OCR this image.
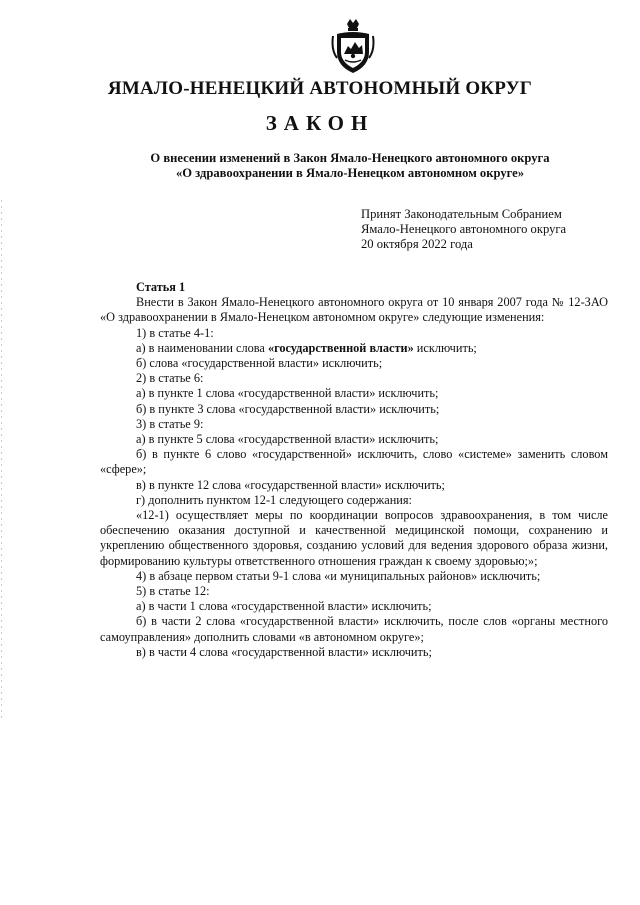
ЯМАЛО-НЕНЕЦКИЙ АВТОНОМНЫЙ ОКРУГ
ЗАКОН
О внесении изменений в Закон Ямало-Ненецкого автономного округа
«О здравоохранении в Ямало-Ненецком автономном округе»
Принят Законодательным Собранием
Ямало-Ненецкого автономного округа
20 октября 2022 года

Статья 1

Внести в Закон Ямало-Ненецкого автономного округа от 10 января 2007 года № 12-ЗАО «О здравоохранении в Ямало-Ненецком автономном округе» следующие изменения:

1) в статье 4-1:

а) в наименовании слова «государственной власти» исключить;

б) слова «государственной власти» исключить;

2) в статье 6:

а) в пункте 1 слова «государственной власти» исключить;

б) в пункте 3 слова «государственной власти» исключить;

3) в статье 9:

а) в пункте 5 слова «государственной власти» исключить;

б) в пункте 6 слово «государственной» исключить, слово «системе» заменить словом «сфере»;

в) в пункте 12 слова «государственной власти» исключить;

г) дополнить пунктом 12-1 следующего содержания:

«12-1) осуществляет меры по координации вопросов здравоохранения, в том числе обеспечению оказания доступной и качественной медицинской помощи, сохранению и укреплению общественного здоровья, созданию условий для ведения здорового образа жизни, формированию культуры ответственного отношения граждан к своему здоровью;»;

4) в абзаце первом статьи 9-1 слова «и муниципальных районов» исключить;

5) в статье 12:

а) в части 1 слова «государственной власти» исключить;

б) в части 2 слова «государственной власти» исключить, после слов «органы местного самоуправления» дополнить словами «в автономном округе»;

в) в части 4 слова «государственной власти» исключить;
